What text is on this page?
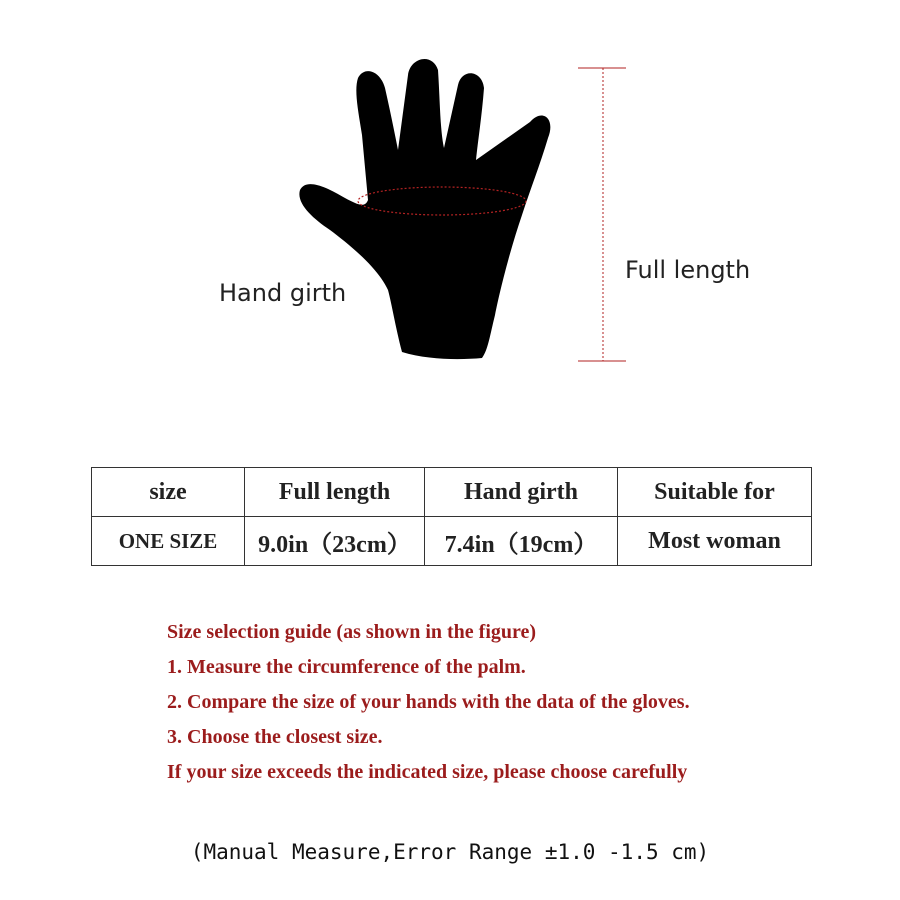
Hand girth
Full length
size	Full length	Hand girth	Suitable for
ONE SIZE	9.0in（23cm）	7.4in（19cm）	Most woman
Size selection guide (as shown in the figure)
1. Measure the circumference of the palm.
2. Compare the size of your hands with the data of the gloves.
3. Choose the closest size.
If your size exceeds the indicated size, please choose carefully
(Manual Measure,Error Range ±1.0 -1.5 cm)
